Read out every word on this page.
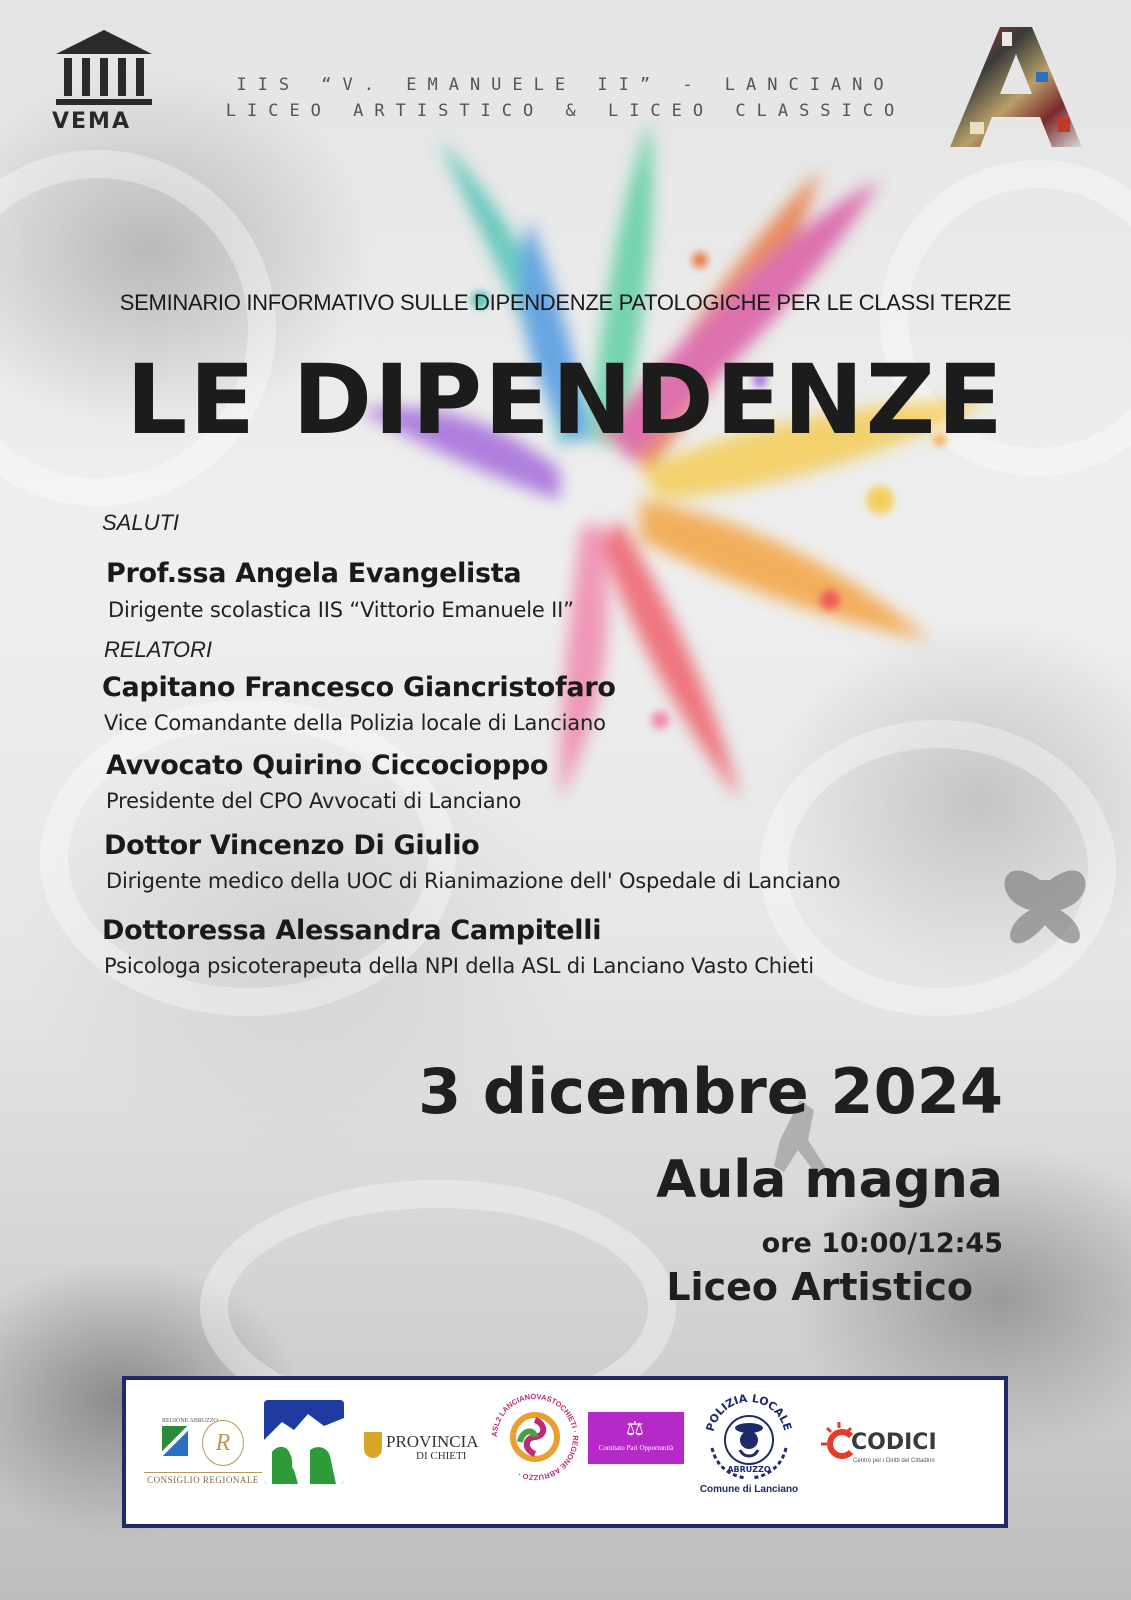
VEMA
IIS “V. EMANUELE II” - LANCIANO
LICEO ARTISTICO & LICEO CLASSICO
SEMINARIO INFORMATIVO SULLE DIPENDENZE PATOLOGICHE PER LE CLASSI TERZE
LE DIPENDENZE
SALUTI
Prof.ssa Angela Evangelista
Dirigente scolastica IIS “Vittorio Emanuele II”
RELATORI
Capitano Francesco Giancristofaro
Vice Comandante della Polizia locale di Lanciano
Avvocato Quirino Ciccocioppo
Presidente del CPO Avvocati di Lanciano
Dottor Vincenzo Di Giulio
Dirigente medico della UOC di Rianimazione dell' Ospedale di Lanciano
Dottoressa Alessandra Campitelli
Psicologa psicoterapeuta della NPI della ASL di Lanciano Vasto Chieti
3 dicembre 2024
Aula magna
ore 10:00/12:45
Liceo Artistico
REGIONE ABRUZZO
R
CONSIGLIO REGIONALE
PROVINCIA
DI CHIETI
ASL2 LANCIANOVASTOCHIETI · REGIONE ABRUZZO ·
⚖
Comitato Pari Opportunità
POLIZIA LOCALE
ABRUZZO
Comune di Lanciano
CODICI
Centro per i Diritti del Cittadino
